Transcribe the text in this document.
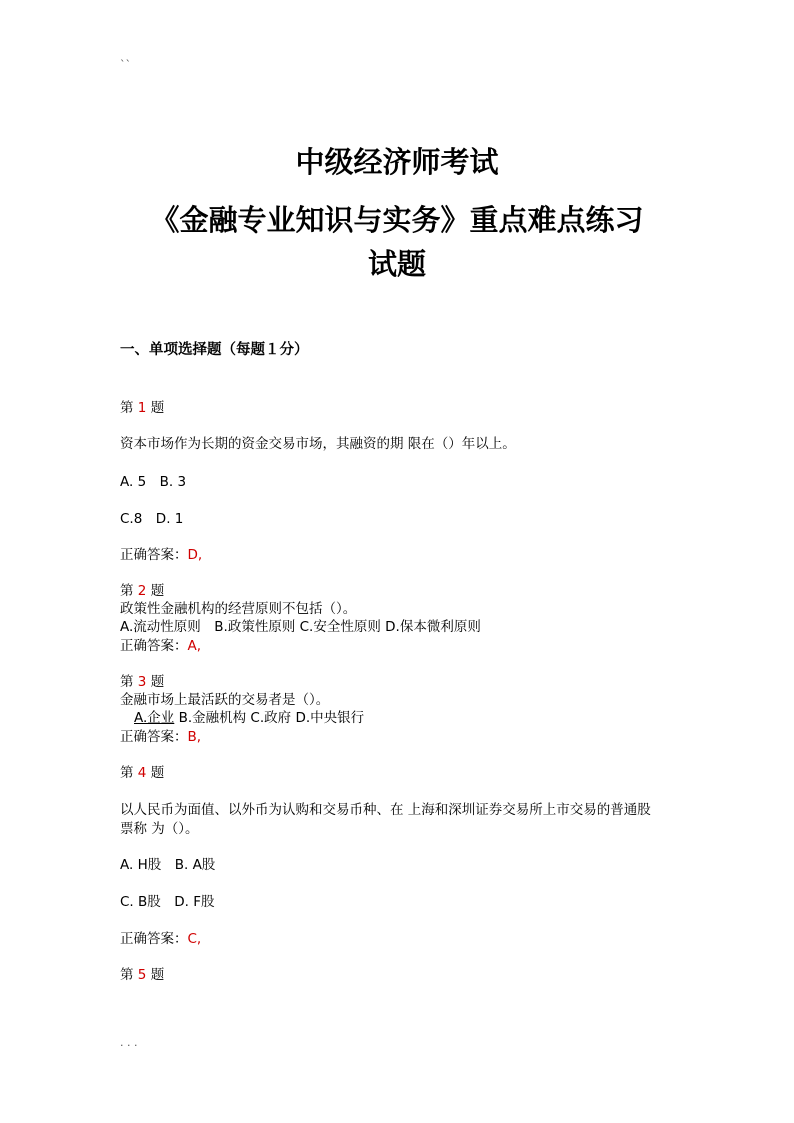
``
中级经济师考试
《金融专业知识与实务》重点难点练习
试题
一、单项选择题（每题１分）
第 1 题
资本市场作为长期的资金交易市场，其融资的期 限在（）年以上。
A. 5　B. 3
C.8　D. 1
正确答案：D,
第 2 题
政策性金融机构的经营原则不包括（）。
A.流动性原则　B.政策性原则 C.安全性原则 D.保本微利原则
正确答案：A,
第 3 题
金融市场上最活跃的交易者是（）。
A.企业 B.金融机构 C.政府 D.中央银行
正确答案：B,
第 4 题
以人民币为面值、以外币为认购和交易币种、在 上海和深圳证券交易所上市交易的普通股
票称 为（）。
A. H股　B. A股
C. B股　D. F股
正确答案：C,
第 5 题
. . .
